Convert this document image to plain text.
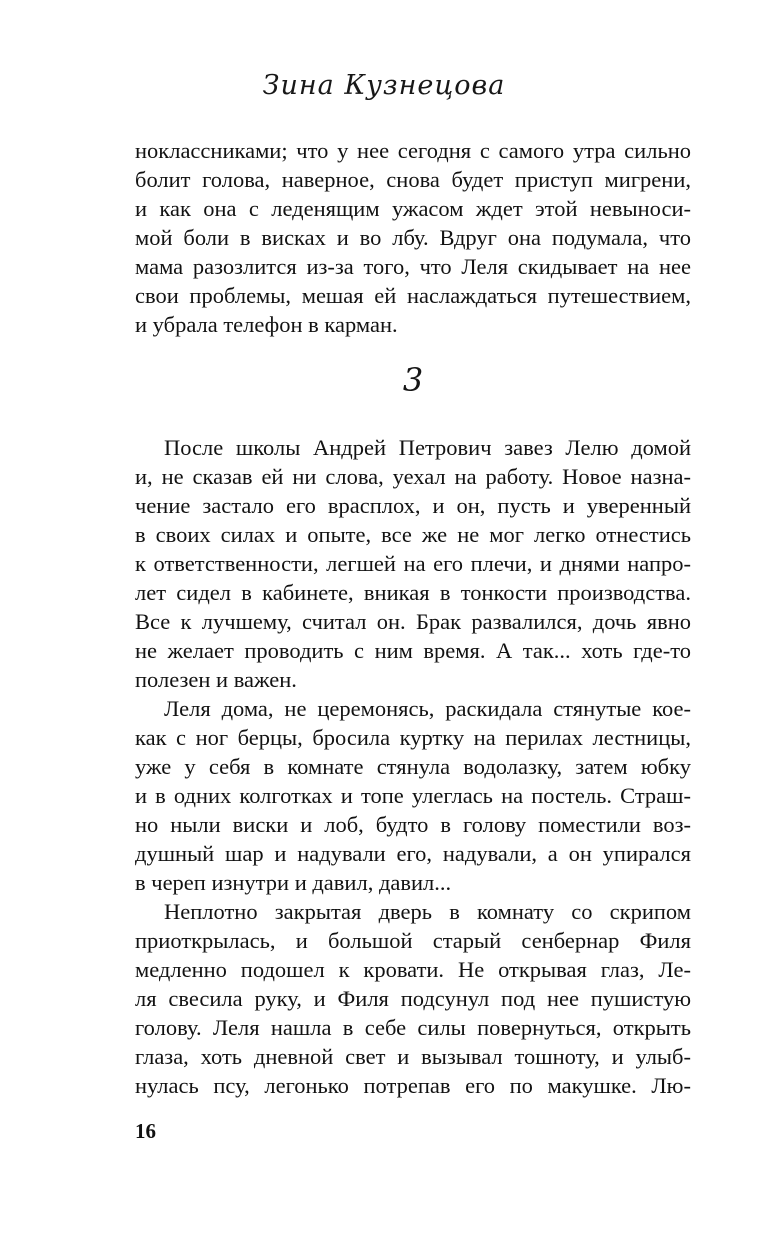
Зина Кузнецова
ноклассниками; что у нее сегодня с самого утра сильно
болит голова, наверное, снова будет приступ мигрени,
и как она с леденящим ужасом ждет этой невыноси-
мой боли в висках и во лбу. Вдруг она подумала, что
мама разозлится из-за того, что Леля скидывает на нее
свои проблемы, мешая ей наслаждаться путешествием,
и убрала телефон в карман.
3
После школы Андрей Петрович завез Лелю домой
и, не сказав ей ни слова, уехал на работу. Новое назна-
чение застало его врасплох, и он, пусть и уверенный
в своих силах и опыте, все же не мог легко отнестись
к ответственности, легшей на его плечи, и днями напро-
лет сидел в кабинете, вникая в тонкости производства.
Все к лучшему, считал он. Брак развалился, дочь явно
не желает проводить с ним время. А так... хоть где-то
полезен и важен.
Леля дома, не церемонясь, раскидала стянутые кое-
как с ног берцы, бросила куртку на перилах лестницы,
уже у себя в комнате стянула водолазку, затем юбку
и в одних колготках и топе улеглась на постель. Страш-
но ныли виски и лоб, будто в голову поместили воз-
душный шар и надували его, надували, а он упирался
в череп изнутри и давил, давил...
Неплотно закрытая дверь в комнату со скрипом
приоткрылась, и большой старый сенбернар Филя
медленно подошел к кровати. Не открывая глаз, Ле-
ля свесила руку, и Филя подсунул под нее пушистую
голову. Леля нашла в себе силы повернуться, открыть
глаза, хоть дневной свет и вызывал тошноту, и улыб-
нулась псу, легонько потрепав его по макушке. Лю-
16
